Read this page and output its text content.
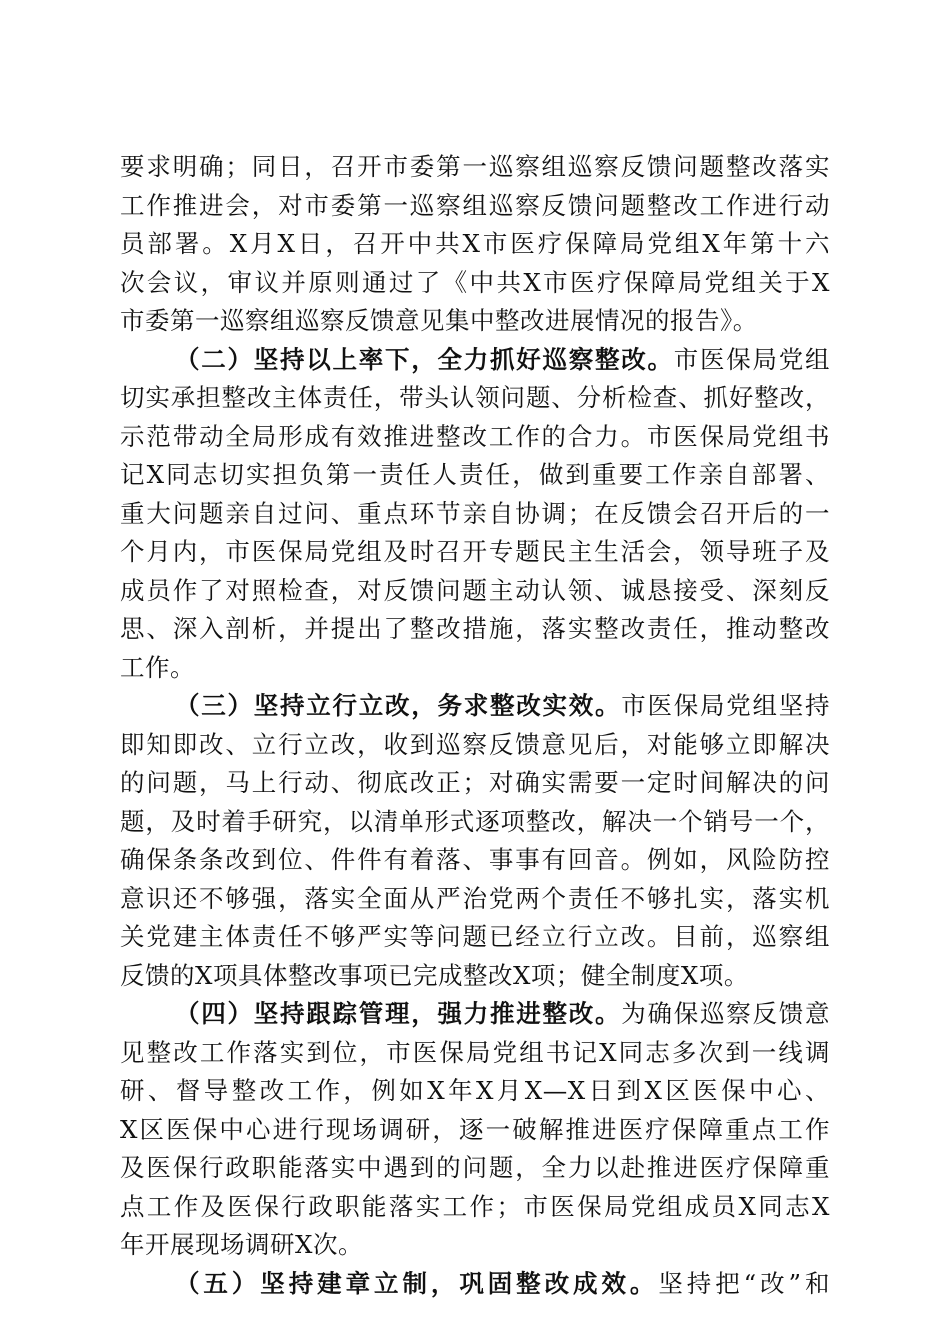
要求明确；同日，召开市委第一巡察组巡察反馈问题整改落实
工作推进会，对市委第一巡察组巡察反馈问题整改工作进行动
员部署。X月X日，召开中共X市医疗保障局党组X年第十六
次会议，审议并原则通过了《中共X市医疗保障局党组关于X
市委第一巡察组巡察反馈意见集中整改进展情况的报告》。
（二）坚持以上率下，全力抓好巡察整改。市医保局党组
切实承担整改主体责任，带头认领问题、分析检查、抓好整改，
示范带动全局形成有效推进整改工作的合力。市医保局党组书
记X同志切实担负第一责任人责任，做到重要工作亲自部署、
重大问题亲自过问、重点环节亲自协调；在反馈会召开后的一
个月内，市医保局党组及时召开专题民主生活会，领导班子及
成员作了对照检查，对反馈问题主动认领、诚恳接受、深刻反
思、深入剖析，并提出了整改措施，落实整改责任，推动整改
工作。
（三）坚持立行立改，务求整改实效。市医保局党组坚持
即知即改、立行立改，收到巡察反馈意见后，对能够立即解决
的问题，马上行动、彻底改正；对确实需要一定时间解决的问
题，及时着手研究，以清单形式逐项整改，解决一个销号一个，
确保条条改到位、件件有着落、事事有回音。例如，风险防控
意识还不够强，落实全面从严治党两个责任不够扎实，落实机
关党建主体责任不够严实等问题已经立行立改。目前，巡察组
反馈的X项具体整改事项已完成整改X项；健全制度X项。
（四）坚持跟踪管理，强力推进整改。为确保巡察反馈意
见整改工作落实到位，市医保局党组书记X同志多次到一线调
研、督导整改工作，例如X年X月X—X日到X区医保中心、
X区医保中心进行现场调研，逐一破解推进医疗保障重点工作
及医保行政职能落实中遇到的问题，全力以赴推进医疗保障重
点工作及医保行政职能落实工作；市医保局党组成员X同志X
年开展现场调研X次。
（五）坚持建章立制，巩固整改成效。坚持把“改”和
